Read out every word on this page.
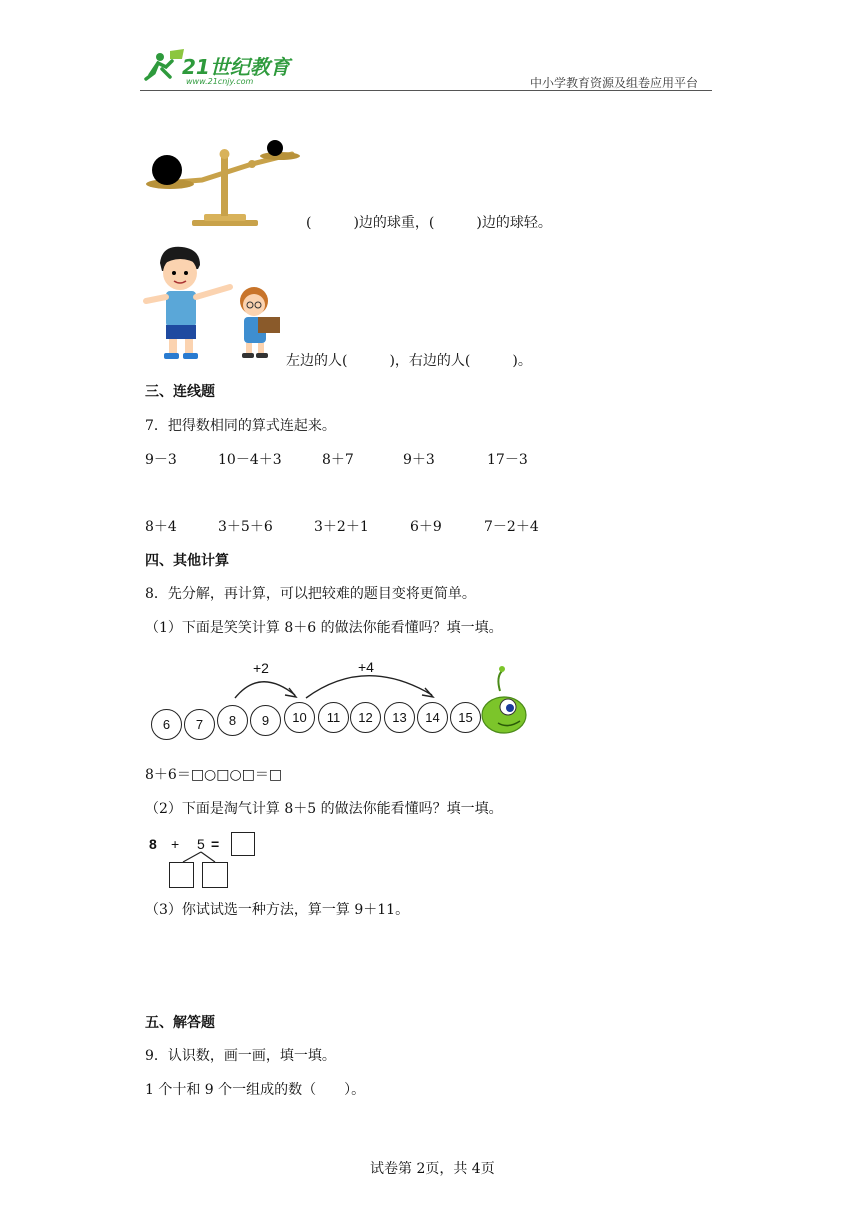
21世纪教育
www.21cnjy.com	中小学教育资源及组卷应用平台
(　　　)边的球重，(　　　)边的球轻。
左边的人(　　　)，右边的人(　　　)。
三、连线题
7．把得数相同的算式连起来。
9－3	10－4＋3	8＋7	9＋3	17－3
8＋4	3＋5＋6	3＋2＋1	6＋9	7－2＋4
四、其他计算
8．先分解，再计算，可以把较难的题目变将更简单。
（1）下面是笑笑计算 8＋6 的做法你能看懂吗？填一填。
+2	+4
6	7	8	9	10	11	12	13	14	15
8＋6＝□○□○□＝□
（2）下面是淘气计算 8＋5 的做法你能看懂吗？填一填。
8 + 5 =
（3）你试试选一种方法，算一算 9＋11。
五、解答题
9．认识数，画一画，填一填。
1 个十和 9 个一组成的数（　　）。
试卷第 2页，共 4页
